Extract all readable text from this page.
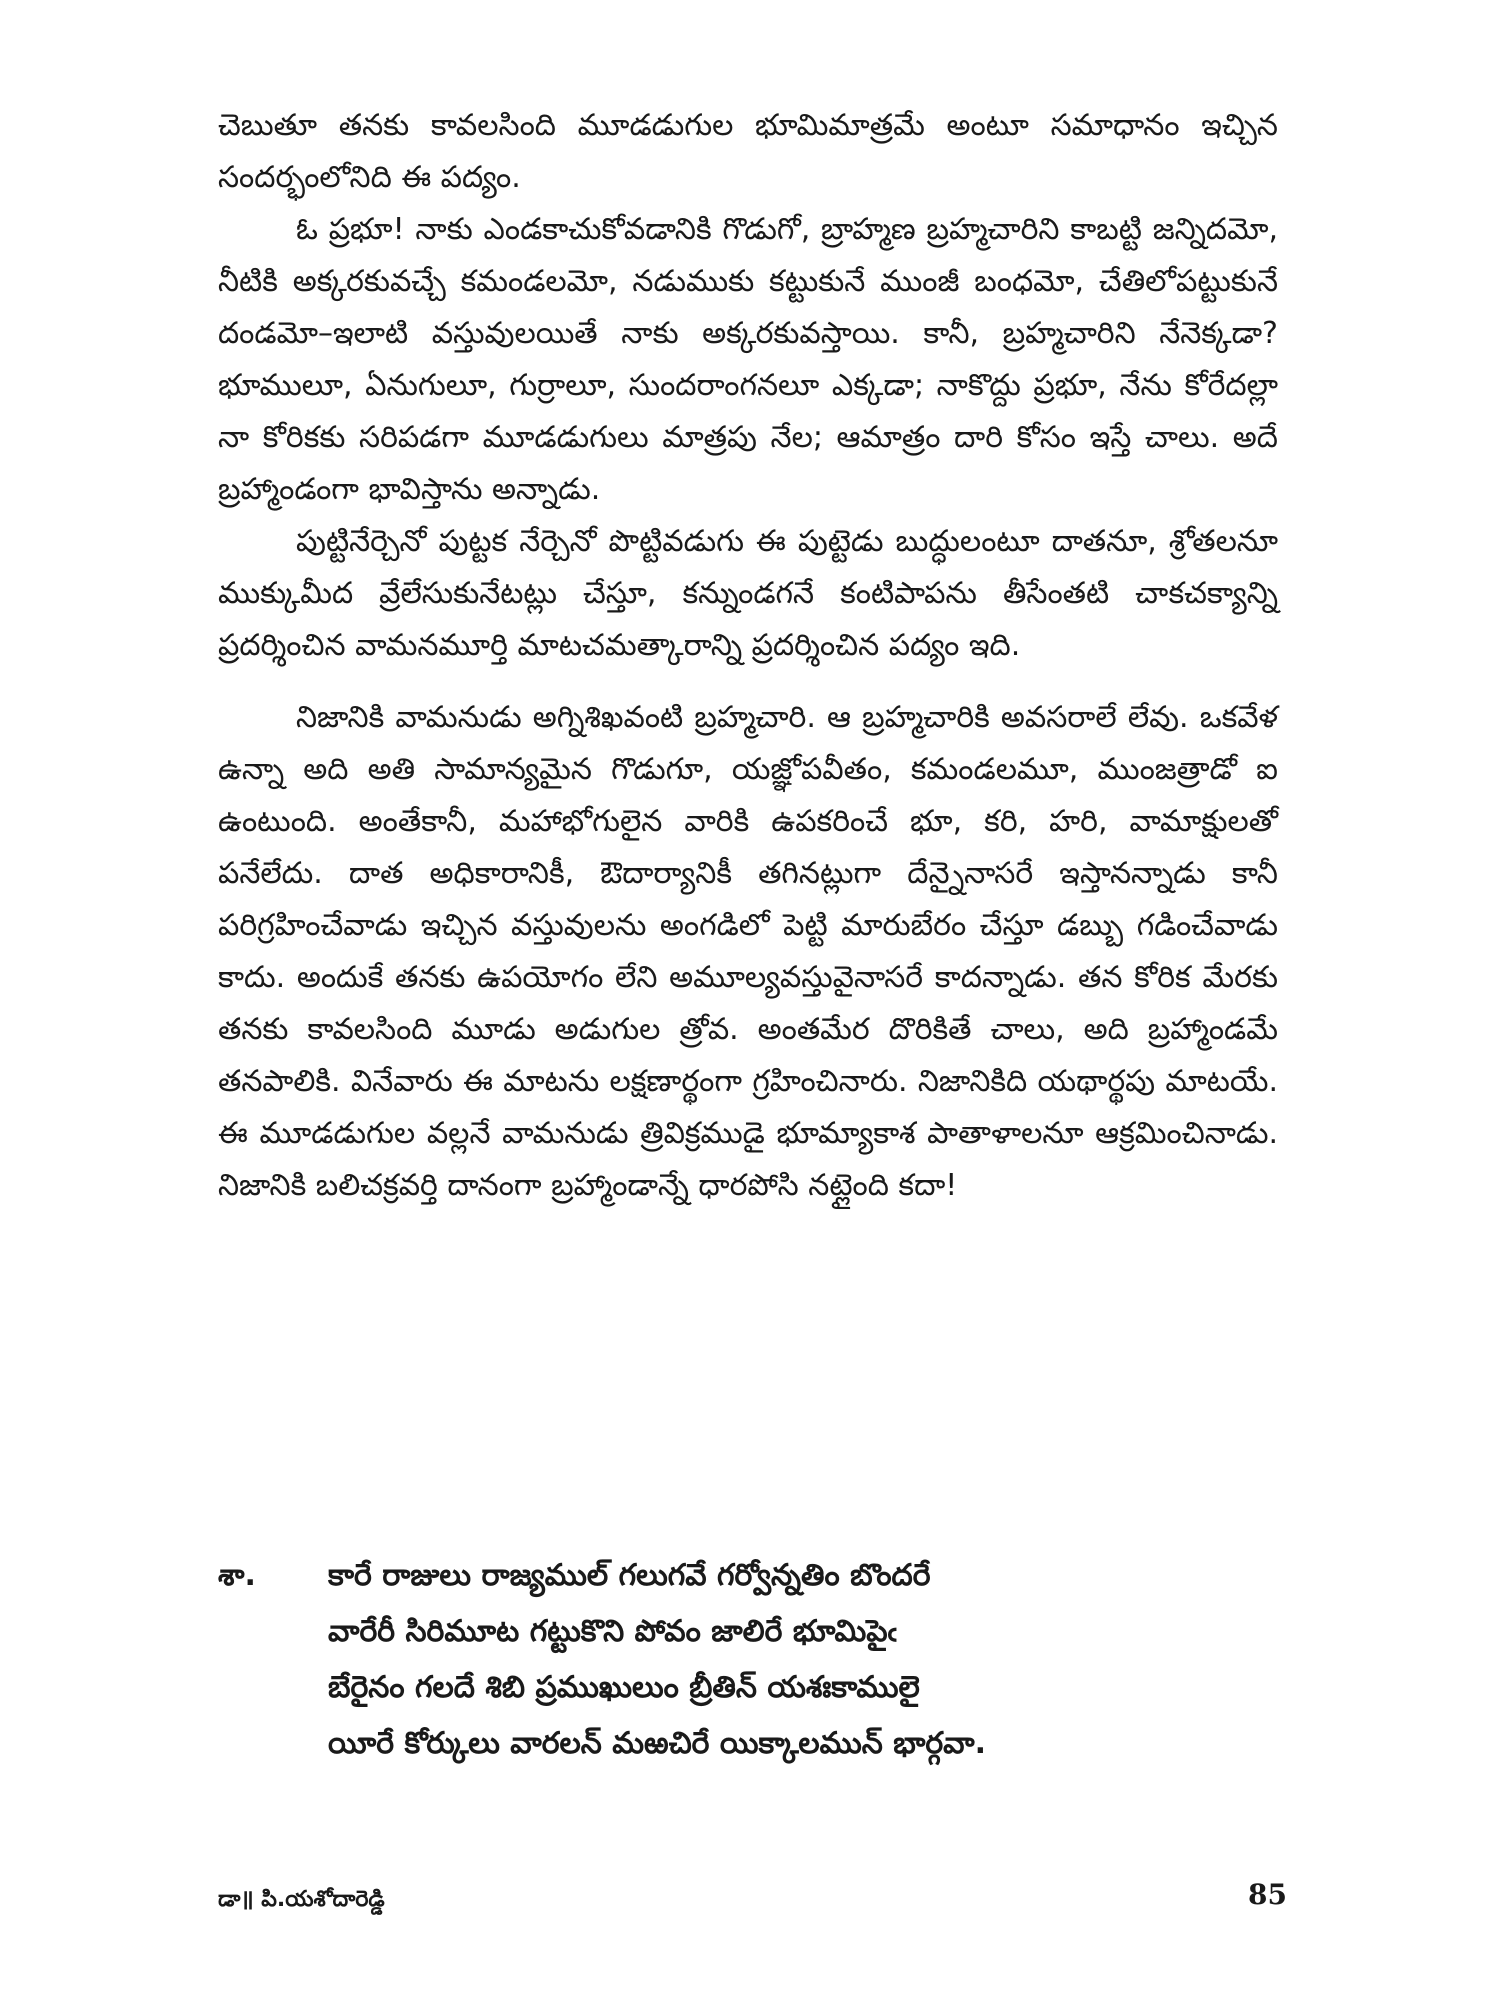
చెబుతూ తనకు కావలసింది మూడడుగుల భూమిమాత్రమే అంటూ సమాధానం ఇచ్చిన సందర్భంలోనిది ఈ పద్యం.

ఓ ప్రభూ! నాకు ఎండకాచుకోవడానికి గొడుగో, బ్రాహ్మణ బ్రహ్మచారిని కాబట్టి జన్నిదమో, నీటికి అక్కరకువచ్చే కమండలమో, నడుముకు కట్టుకునే ముంజీ బంధమో, చేతిలోపట్టుకునే దండమో–ఇలాటి వస్తువులయితే నాకు అక్కరకువస్తాయి. కానీ, బ్రహ్మచారిని నేనెక్కడా? భూములూ, ఏనుగులూ, గుర్రాలూ, సుందరాంగనలూ ఎక్కడా; నాకొద్దు ప్రభూ, నేను కోరేదల్లా నా కోరికకు సరిపడగా మూడడుగులు మాత్రపు నేల; ఆమాత్రం దారి కోసం ఇస్తే చాలు. అదే బ్రహ్మాండంగా భావిస్తాను అన్నాడు.

పుట్టినేర్చెనో పుట్టక నేర్చెనో పొట్టివడుగు ఈ పుట్టెడు బుద్ధులంటూ దాతనూ, శ్రోతలనూ ముక్కుమీద వ్రేలేసుకునేటట్లు చేస్తూ, కన్నుండగనే కంటిపాపను తీసేంతటి చాకచక్యాన్ని ప్రదర్శించిన వామనమూర్తి మాటచమత్కారాన్ని ప్రదర్శించిన పద్యం ఇది.

నిజానికి వామనుడు అగ్నిశిఖవంటి బ్రహ్మచారి. ఆ బ్రహ్మచారికి అవసరాలే లేవు. ఒకవేళ ఉన్నా అది అతి సామాన్యమైన గొడుగూ, యజ్ఞోపవీతం, కమండలమూ, ముంజత్రాడో ఐ ఉంటుంది. అంతేకానీ, మహాభోగులైన వారికి ఉపకరించే భూ, కరి, హరి, వామాక్షులతో పనేలేదు. దాత అధికారానికీ, ఔదార్యానికీ తగినట్లుగా దేన్నైనాసరే ఇస్తానన్నాడు కానీ పరిగ్రహించేవాడు ఇచ్చిన వస్తువులను అంగడిలో పెట్టి మారుబేరం చేస్తూ డబ్బు గడించేవాడు కాదు. అందుకే తనకు ఉపయోగం లేని అమూల్యవస్తువైనాసరే కాదన్నాడు. తన కోరిక మేరకు తనకు కావలసింది మూడు అడుగుల త్రోవ. అంతమేర దొరికితే చాలు, అది బ్రహ్మాండమే తనపాలికి. వినేవారు ఈ మాటను లక్షణార్థంగా గ్రహించినారు. నిజానికిది యథార్థపు మాటయే. ఈ మూడడుగుల వల్లనే వామనుడు త్రివిక్రముడై భూమ్యాకాశ పాతాళాలనూ ఆక్రమించినాడు. నిజానికి బలిచక్రవర్తి దానంగా బ్రహ్మాండాన్నే ధారపోసి నట్లైంది కదా!

శా. కారే రాజులు రాజ్యముల్ గలుగవే గర్వోన్నతిం బొందరే
వారేరీ సిరిమూట గట్టుకొని పోవం జాలిరే భూమిపైఁ
బేరైనం గలదే శిబి ప్రముఖులుం బ్రీతిన్ యశఃకాములై
యీరే కోర్కులు వారలన్ మఱచిరే యిక్కాలమున్ భార్గవా.
డా॥ పి.యశోదారెడ్డి	85
